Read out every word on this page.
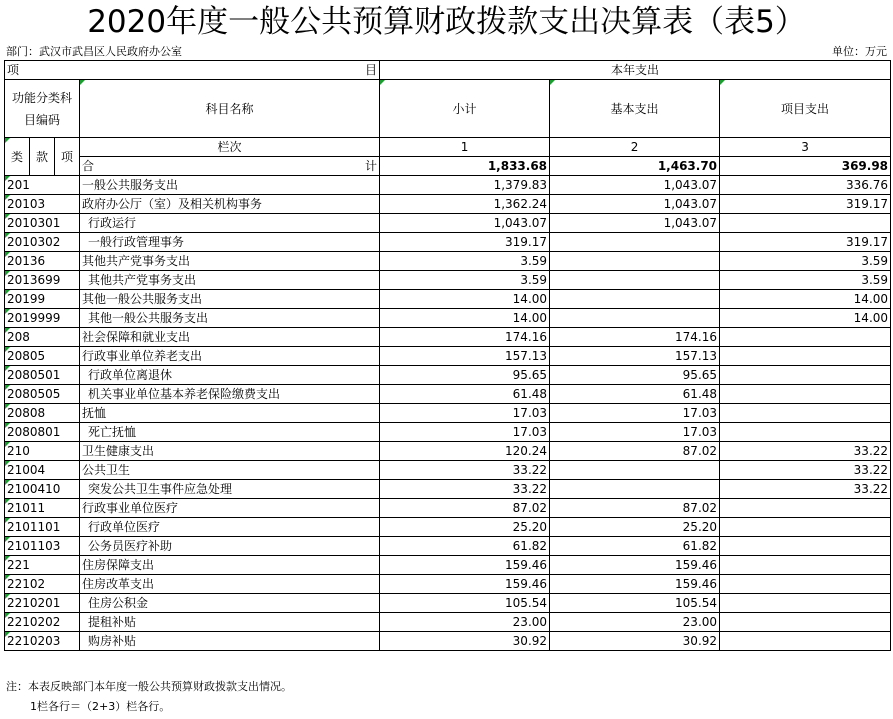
2020年度一般公共预算财政拨款支出决算表（表5）
部门：武汉市武昌区人民政府办公室	单位：万元
项 目				本年支出		
功能分类科目编码			科目名称	小计	基本支出	项目支出

类	款	项	栏次	1	2	3

			合 计	1,833.68	1,463.70	369.98
201			一般公共服务支出	1,379.83	1,043.07	336.76
20103			政府办公厅（室）及相关机构事务	1,362.24	1,043.07	319.17
2010301			行政运行	1,043.07	1,043.07	
2010302			一般行政管理事务	319.17		319.17
20136			其他共产党事务支出	3.59		3.59
2013699			其他共产党事务支出	3.59		3.59
20199			其他一般公共服务支出	14.00		14.00
2019999			其他一般公共服务支出	14.00		14.00
208			社会保障和就业支出	174.16	174.16	
20805			行政事业单位养老支出	157.13	157.13	
2080501			行政单位离退休	95.65	95.65	
2080505			机关事业单位基本养老保险缴费支出	61.48	61.48	
20808			抚恤	17.03	17.03	
2080801			死亡抚恤	17.03	17.03	
210			卫生健康支出	120.24	87.02	33.22
21004			公共卫生	33.22		33.22
2100410			突发公共卫生事件应急处理	33.22		33.22
21011			行政事业单位医疗	87.02	87.02	
2101101			行政单位医疗	25.20	25.20	
2101103			公务员医疗补助	61.82	61.82	
221			住房保障支出	159.46	159.46	
22102			住房改革支出	159.46	159.46	
2210201			住房公积金	105.54	105.54	
2210202			提租补贴	23.00	23.00	
2210203			购房补贴	30.92	30.92	
注：本表反映部门本年度一般公共预算财政拨款支出情况。
1栏各行＝（2+3）栏各行。
